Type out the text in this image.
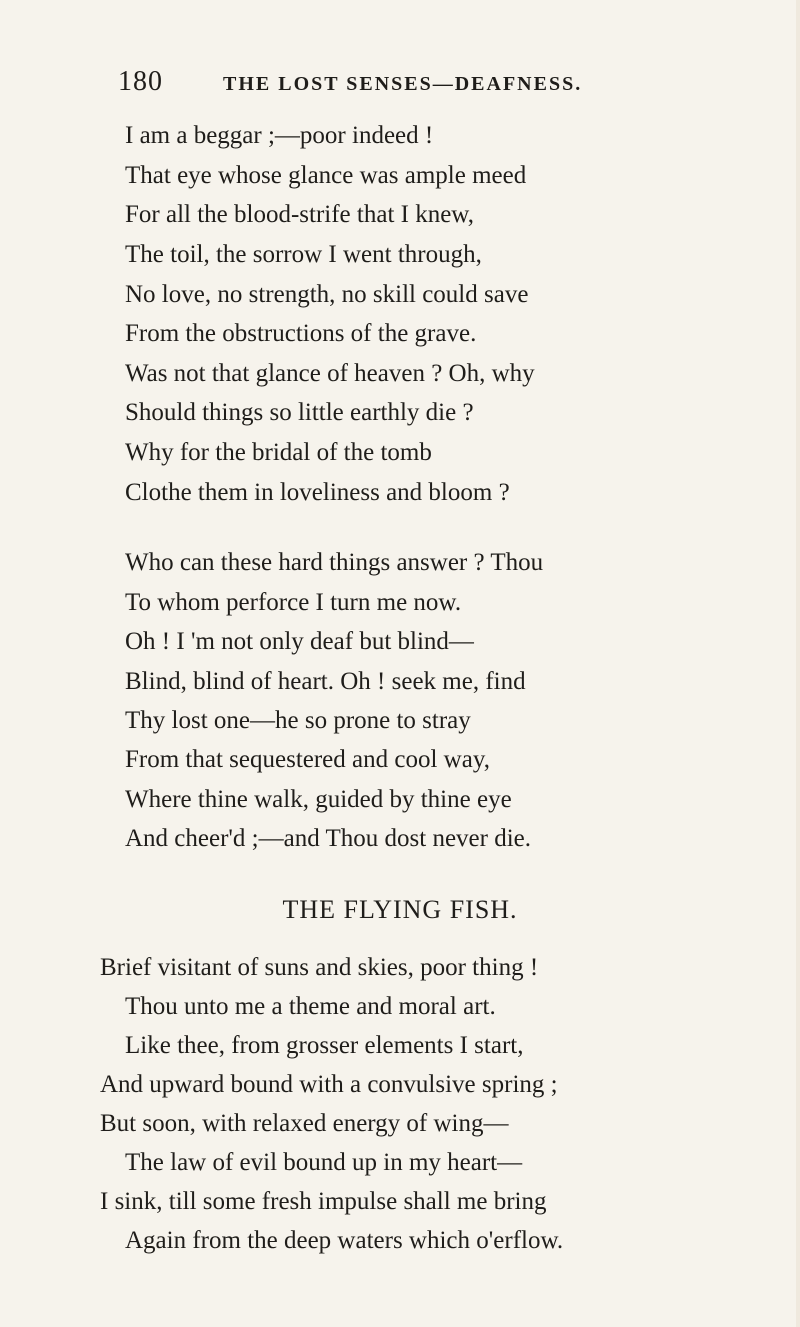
180	THE LOST SENSES—DEAFNESS.
I am a beggar ;—poor indeed !
That eye whose glance was ample meed
For all the blood-strife that I knew,
The toil, the sorrow I went through,
No love, no strength, no skill could save
From the obstructions of the grave.
Was not that glance of heaven ? Oh, why
Should things so little earthly die ?
Why for the bridal of the tomb
Clothe them in loveliness and bloom ?
Who can these hard things answer ? Thou
To whom perforce I turn me now.
Oh ! I 'm not only deaf but blind—
Blind, blind of heart. Oh ! seek me, find
Thy lost one—he so prone to stray
From that sequestered and cool way,
Where thine walk, guided by thine eye
And cheer'd ;—and Thou dost never die.
THE FLYING FISH.
Brief visitant of suns and skies, poor thing !
Thou unto me a theme and moral art.
Like thee, from grosser elements I start,
And upward bound with a convulsive spring ;
But soon, with relaxed energy of wing—
The law of evil bound up in my heart—
I sink, till some fresh impulse shall me bring
Again from the deep waters which o'erflow.
